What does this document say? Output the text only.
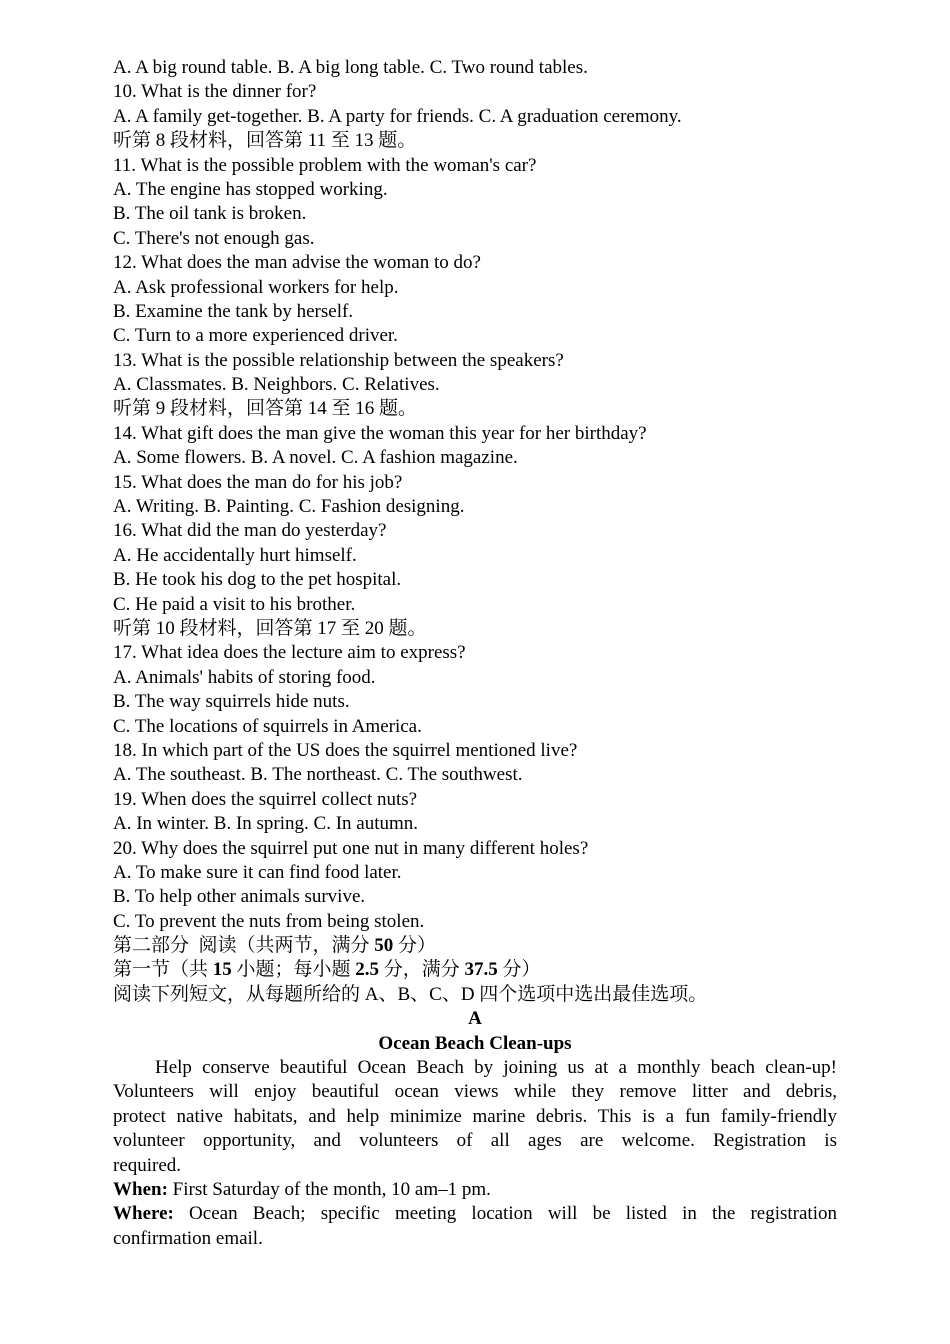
A. A big round table. B. A big long table. C. Two round tables.
10. What is the dinner for?
A. A family get-together. B. A party for friends. C. A graduation ceremony.
听第 8 段材料，回答第 11 至 13 题。
11. What is the possible problem with the woman's car?
A. The engine has stopped working.
B. The oil tank is broken.
C. There's not enough gas.
12. What does the man advise the woman to do?
A. Ask professional workers for help.
B. Examine the tank by herself.
C. Turn to a more experienced driver.
13. What is the possible relationship between the speakers?
A. Classmates. B. Neighbors. C. Relatives.
听第 9 段材料，回答第 14 至 16 题。
14. What gift does the man give the woman this year for her birthday?
A. Some flowers. B. A novel. C. A fashion magazine.
15. What does the man do for his job?
A. Writing. B. Painting. C. Fashion designing.
16. What did the man do yesterday?
A. He accidentally hurt himself.
B. He took his dog to the pet hospital.
C. He paid a visit to his brother.
听第 10 段材料，回答第 17 至 20 题。
17. What idea does the lecture aim to express?
A. Animals' habits of storing food.
B. The way squirrels hide nuts.
C. The locations of squirrels in America.
18. In which part of the US does the squirrel mentioned live?
A. The southeast. B. The northeast. C. The southwest.
19. When does the squirrel collect nuts?
A. In winter. B. In spring. C. In autumn.
20. Why does the squirrel put one nut in many different holes?
A. To make sure it can find food later.
B. To help other animals survive.
C. To prevent the nuts from being stolen.
第二部分  阅读（共两节，满分 50 分）
第一节（共 15 小题；每小题 2.5 分，满分 37.5 分）
阅读下列短文，从每题所给的 A、B、C、D 四个选项中选出最佳选项。
A
Ocean Beach Clean-ups
Help conserve beautiful Ocean Beach by joining us at a monthly beach clean-up!
Volunteers will enjoy beautiful ocean views while they remove litter and debris,
protect native habitats, and help minimize marine debris. This is a fun family-friendly
volunteer opportunity, and volunteers of all ages are welcome. Registration is
required.
When: First Saturday of the month, 10 am–1 pm.
Where: Ocean Beach; specific meeting location will be listed in the registration
confirmation email.
